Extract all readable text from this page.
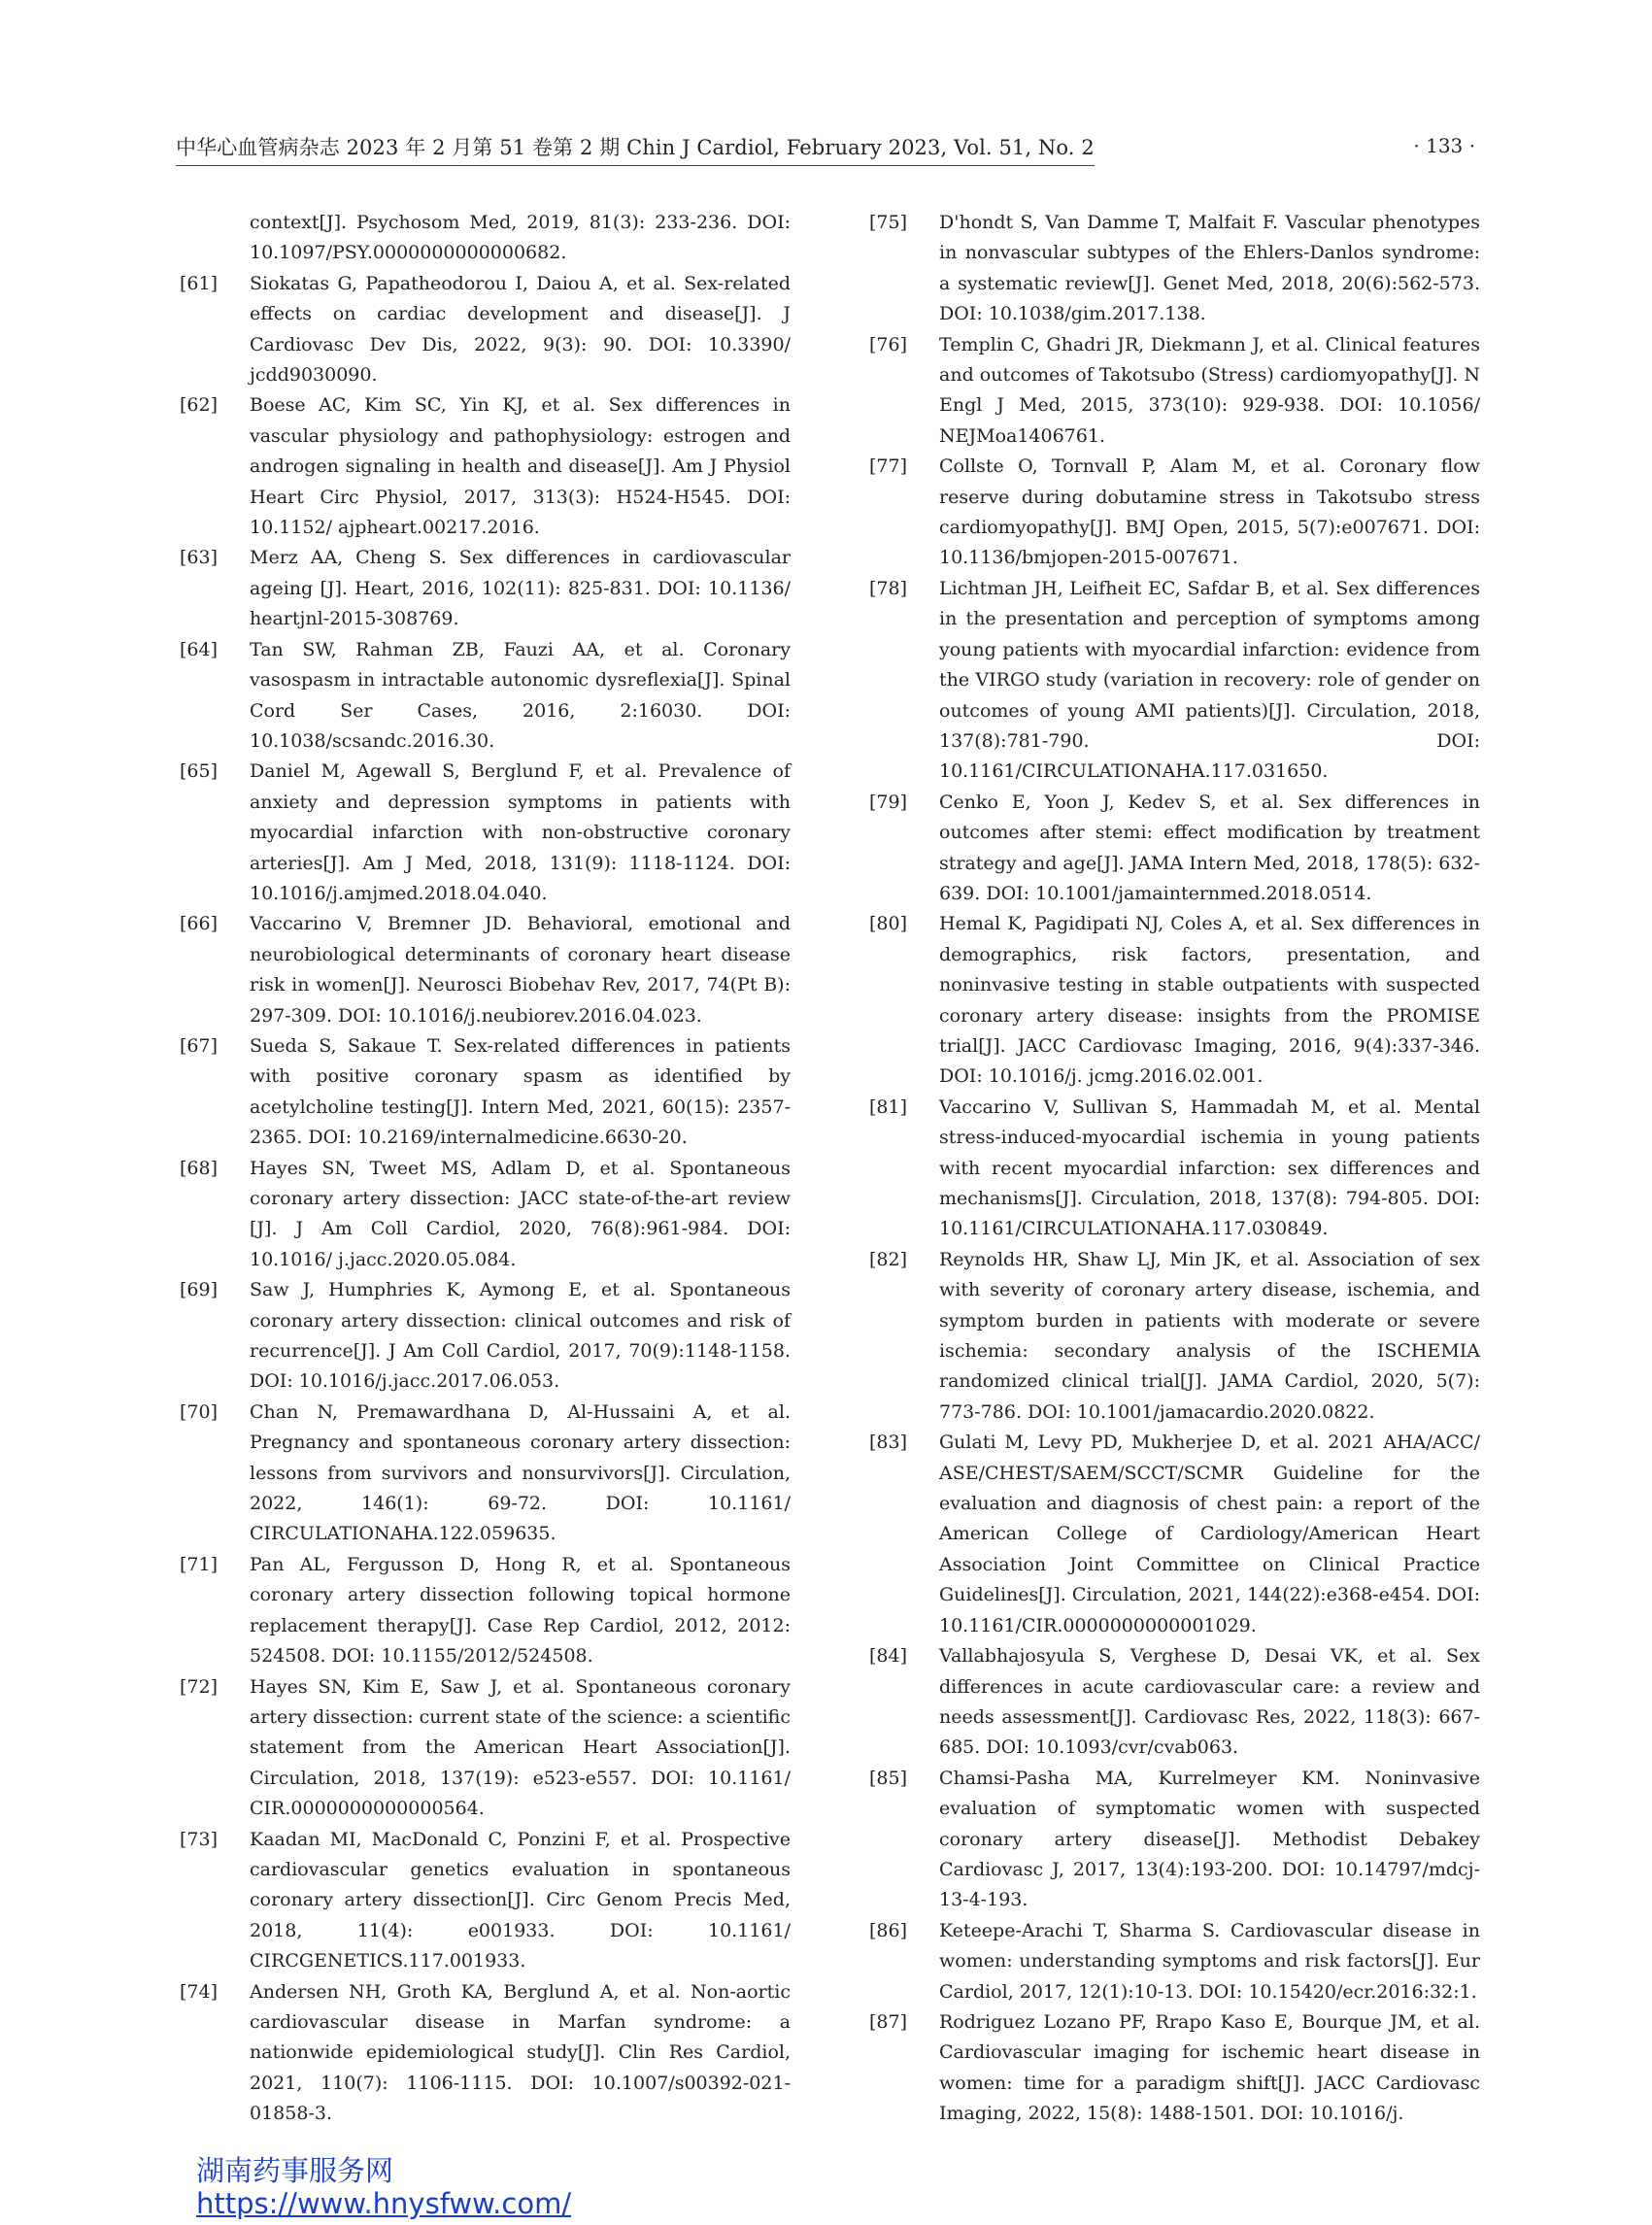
中华心血管病杂志 2023 年 2 月第 51 卷第 2 期 Chin J Cardiol, February 2023, Vol. 51, No. 2	· 133 ·
context[J]. Psychosom Med, 2019, 81(3): 233-236. DOI: 10.1097/PSY.0000000000000682.
[61] Siokatas G, Papatheodorou I, Daiou A, et al. Sex-related effects on cardiac development and disease[J]. J Cardiovasc Dev Dis, 2022, 9(3): 90. DOI: 10.3390/ jcdd9030090.
[62] Boese AC, Kim SC, Yin KJ, et al. Sex differences in vascular physiology and pathophysiology: estrogen and androgen signaling in health and disease[J]. Am J Physiol Heart Circ Physiol, 2017, 313(3): H524-H545. DOI: 10.1152/ ajpheart.00217.2016.
[63] Merz AA, Cheng S. Sex differences in cardiovascular ageing [J]. Heart, 2016, 102(11): 825-831. DOI: 10.1136/ heartjnl-2015-308769.
[64] Tan SW, Rahman ZB, Fauzi AA, et al. Coronary vasospasm in intractable autonomic dysreflexia[J]. Spinal Cord Ser Cases, 2016, 2:16030. DOI: 10.1038/scsandc.2016.30.
[65] Daniel M, Agewall S, Berglund F, et al. Prevalence of anxiety and depression symptoms in patients with myocardial infarction with non-obstructive coronary arteries[J]. Am J Med, 2018, 131(9): 1118-1124. DOI: 10.1016/j.amjmed.2018.04.040.
[66] Vaccarino V, Bremner JD. Behavioral, emotional and neurobiological determinants of coronary heart disease risk in women[J]. Neurosci Biobehav Rev, 2017, 74(Pt B): 297-309. DOI: 10.1016/j.neubiorev.2016.04.023.
[67] Sueda S, Sakaue T. Sex-related differences in patients with positive coronary spasm as identified by acetylcholine testing[J]. Intern Med, 2021, 60(15): 2357-2365. DOI: 10.2169/internalmedicine.6630-20.
[68] Hayes SN, Tweet MS, Adlam D, et al. Spontaneous coronary artery dissection: JACC state-of-the-art review [J]. J Am Coll Cardiol, 2020, 76(8):961-984. DOI: 10.1016/ j.jacc.2020.05.084.
[69] Saw J, Humphries K, Aymong E, et al. Spontaneous coronary artery dissection: clinical outcomes and risk of recurrence[J]. J Am Coll Cardiol, 2017, 70(9):1148-1158. DOI: 10.1016/j.jacc.2017.06.053.
[70] Chan N, Premawardhana D, Al-Hussaini A, et al. Pregnancy and spontaneous coronary artery dissection: lessons from survivors and nonsurvivors[J]. Circulation, 2022, 146(1): 69-72. DOI: 10.1161/ CIRCULATIONAHA.122.059635.
[71] Pan AL, Fergusson D, Hong R, et al. Spontaneous coronary artery dissection following topical hormone replacement therapy[J]. Case Rep Cardiol, 2012, 2012: 524508. DOI: 10.1155/2012/524508.
[72] Hayes SN, Kim E, Saw J, et al. Spontaneous coronary artery dissection: current state of the science: a scientific statement from the American Heart Association[J]. Circulation, 2018, 137(19): e523-e557. DOI: 10.1161/ CIR.0000000000000564.
[73] Kaadan MI, MacDonald C, Ponzini F, et al. Prospective cardiovascular genetics evaluation in spontaneous coronary artery dissection[J]. Circ Genom Precis Med, 2018, 11(4): e001933. DOI: 10.1161/ CIRCGENETICS.117.001933.
[74] Andersen NH, Groth KA, Berglund A, et al. Non-aortic cardiovascular disease in Marfan syndrome: a nationwide epidemiological study[J]. Clin Res Cardiol, 2021, 110(7): 1106-1115. DOI: 10.1007/s00392-021-01858-3.
[75] D'hondt S, Van Damme T, Malfait F. Vascular phenotypes in nonvascular subtypes of the Ehlers-Danlos syndrome: a systematic review[J]. Genet Med, 2018, 20(6):562-573. DOI: 10.1038/gim.2017.138.
[76] Templin C, Ghadri JR, Diekmann J, et al. Clinical features and outcomes of Takotsubo (Stress) cardiomyopathy[J]. N Engl J Med, 2015, 373(10): 929-938. DOI: 10.1056/ NEJMoa1406761.
[77] Collste O, Tornvall P, Alam M, et al. Coronary flow reserve during dobutamine stress in Takotsubo stress cardiomyopathy[J]. BMJ Open, 2015, 5(7):e007671. DOI: 10.1136/bmjopen-2015-007671.
[78] Lichtman JH, Leifheit EC, Safdar B, et al. Sex differences in the presentation and perception of symptoms among young patients with myocardial infarction: evidence from the VIRGO study (variation in recovery: role of gender on outcomes of young AMI patients)[J]. Circulation, 2018, 137(8):781-790. DOI: 10.1161/CIRCULATIONAHA.117.031650.
[79] Cenko E, Yoon J, Kedev S, et al. Sex differences in outcomes after stemi: effect modification by treatment strategy and age[J]. JAMA Intern Med, 2018, 178(5): 632-639. DOI: 10.1001/jamainternmed.2018.0514.
[80] Hemal K, Pagidipati NJ, Coles A, et al. Sex differences in demographics, risk factors, presentation, and noninvasive testing in stable outpatients with suspected coronary artery disease: insights from the PROMISE trial[J]. JACC Cardiovasc Imaging, 2016, 9(4):337-346. DOI: 10.1016/j. jcmg.2016.02.001.
[81] Vaccarino V, Sullivan S, Hammadah M, et al. Mental stress-induced-myocardial ischemia in young patients with recent myocardial infarction: sex differences and mechanisms[J]. Circulation, 2018, 137(8): 794-805. DOI: 10.1161/CIRCULATIONAHA.117.030849.
[82] Reynolds HR, Shaw LJ, Min JK, et al. Association of sex with severity of coronary artery disease, ischemia, and symptom burden in patients with moderate or severe ischemia: secondary analysis of the ISCHEMIA randomized clinical trial[J]. JAMA Cardiol, 2020, 5(7): 773-786. DOI: 10.1001/jamacardio.2020.0822.
[83] Gulati M, Levy PD, Mukherjee D, et al. 2021 AHA/ACC/ ASE/CHEST/SAEM/SCCT/SCMR Guideline for the evaluation and diagnosis of chest pain: a report of the American College of Cardiology/American Heart Association Joint Committee on Clinical Practice Guidelines[J]. Circulation, 2021, 144(22):e368-e454. DOI: 10.1161/CIR.0000000000001029.
[84] Vallabhajosyula S, Verghese D, Desai VK, et al. Sex differences in acute cardiovascular care: a review and needs assessment[J]. Cardiovasc Res, 2022, 118(3): 667-685. DOI: 10.1093/cvr/cvab063.
[85] Chamsi-Pasha MA, Kurrelmeyer KM. Noninvasive evaluation of symptomatic women with suspected coronary artery disease[J]. Methodist Debakey Cardiovasc J, 2017, 13(4):193-200. DOI: 10.14797/mdcj-13-4-193.
[86] Keteepe-Arachi T, Sharma S. Cardiovascular disease in women: understanding symptoms and risk factors[J]. Eur Cardiol, 2017, 12(1):10-13. DOI: 10.15420/ecr.2016:32:1.
[87] Rodriguez Lozano PF, Rrapo Kaso E, Bourque JM, et al. Cardiovascular imaging for ischemic heart disease in women: time for a paradigm shift[J]. JACC Cardiovasc Imaging, 2022, 15(8): 1488-1501. DOI: 10.1016/j.
湖南药事服务网
https://www.hnysfww.com/
